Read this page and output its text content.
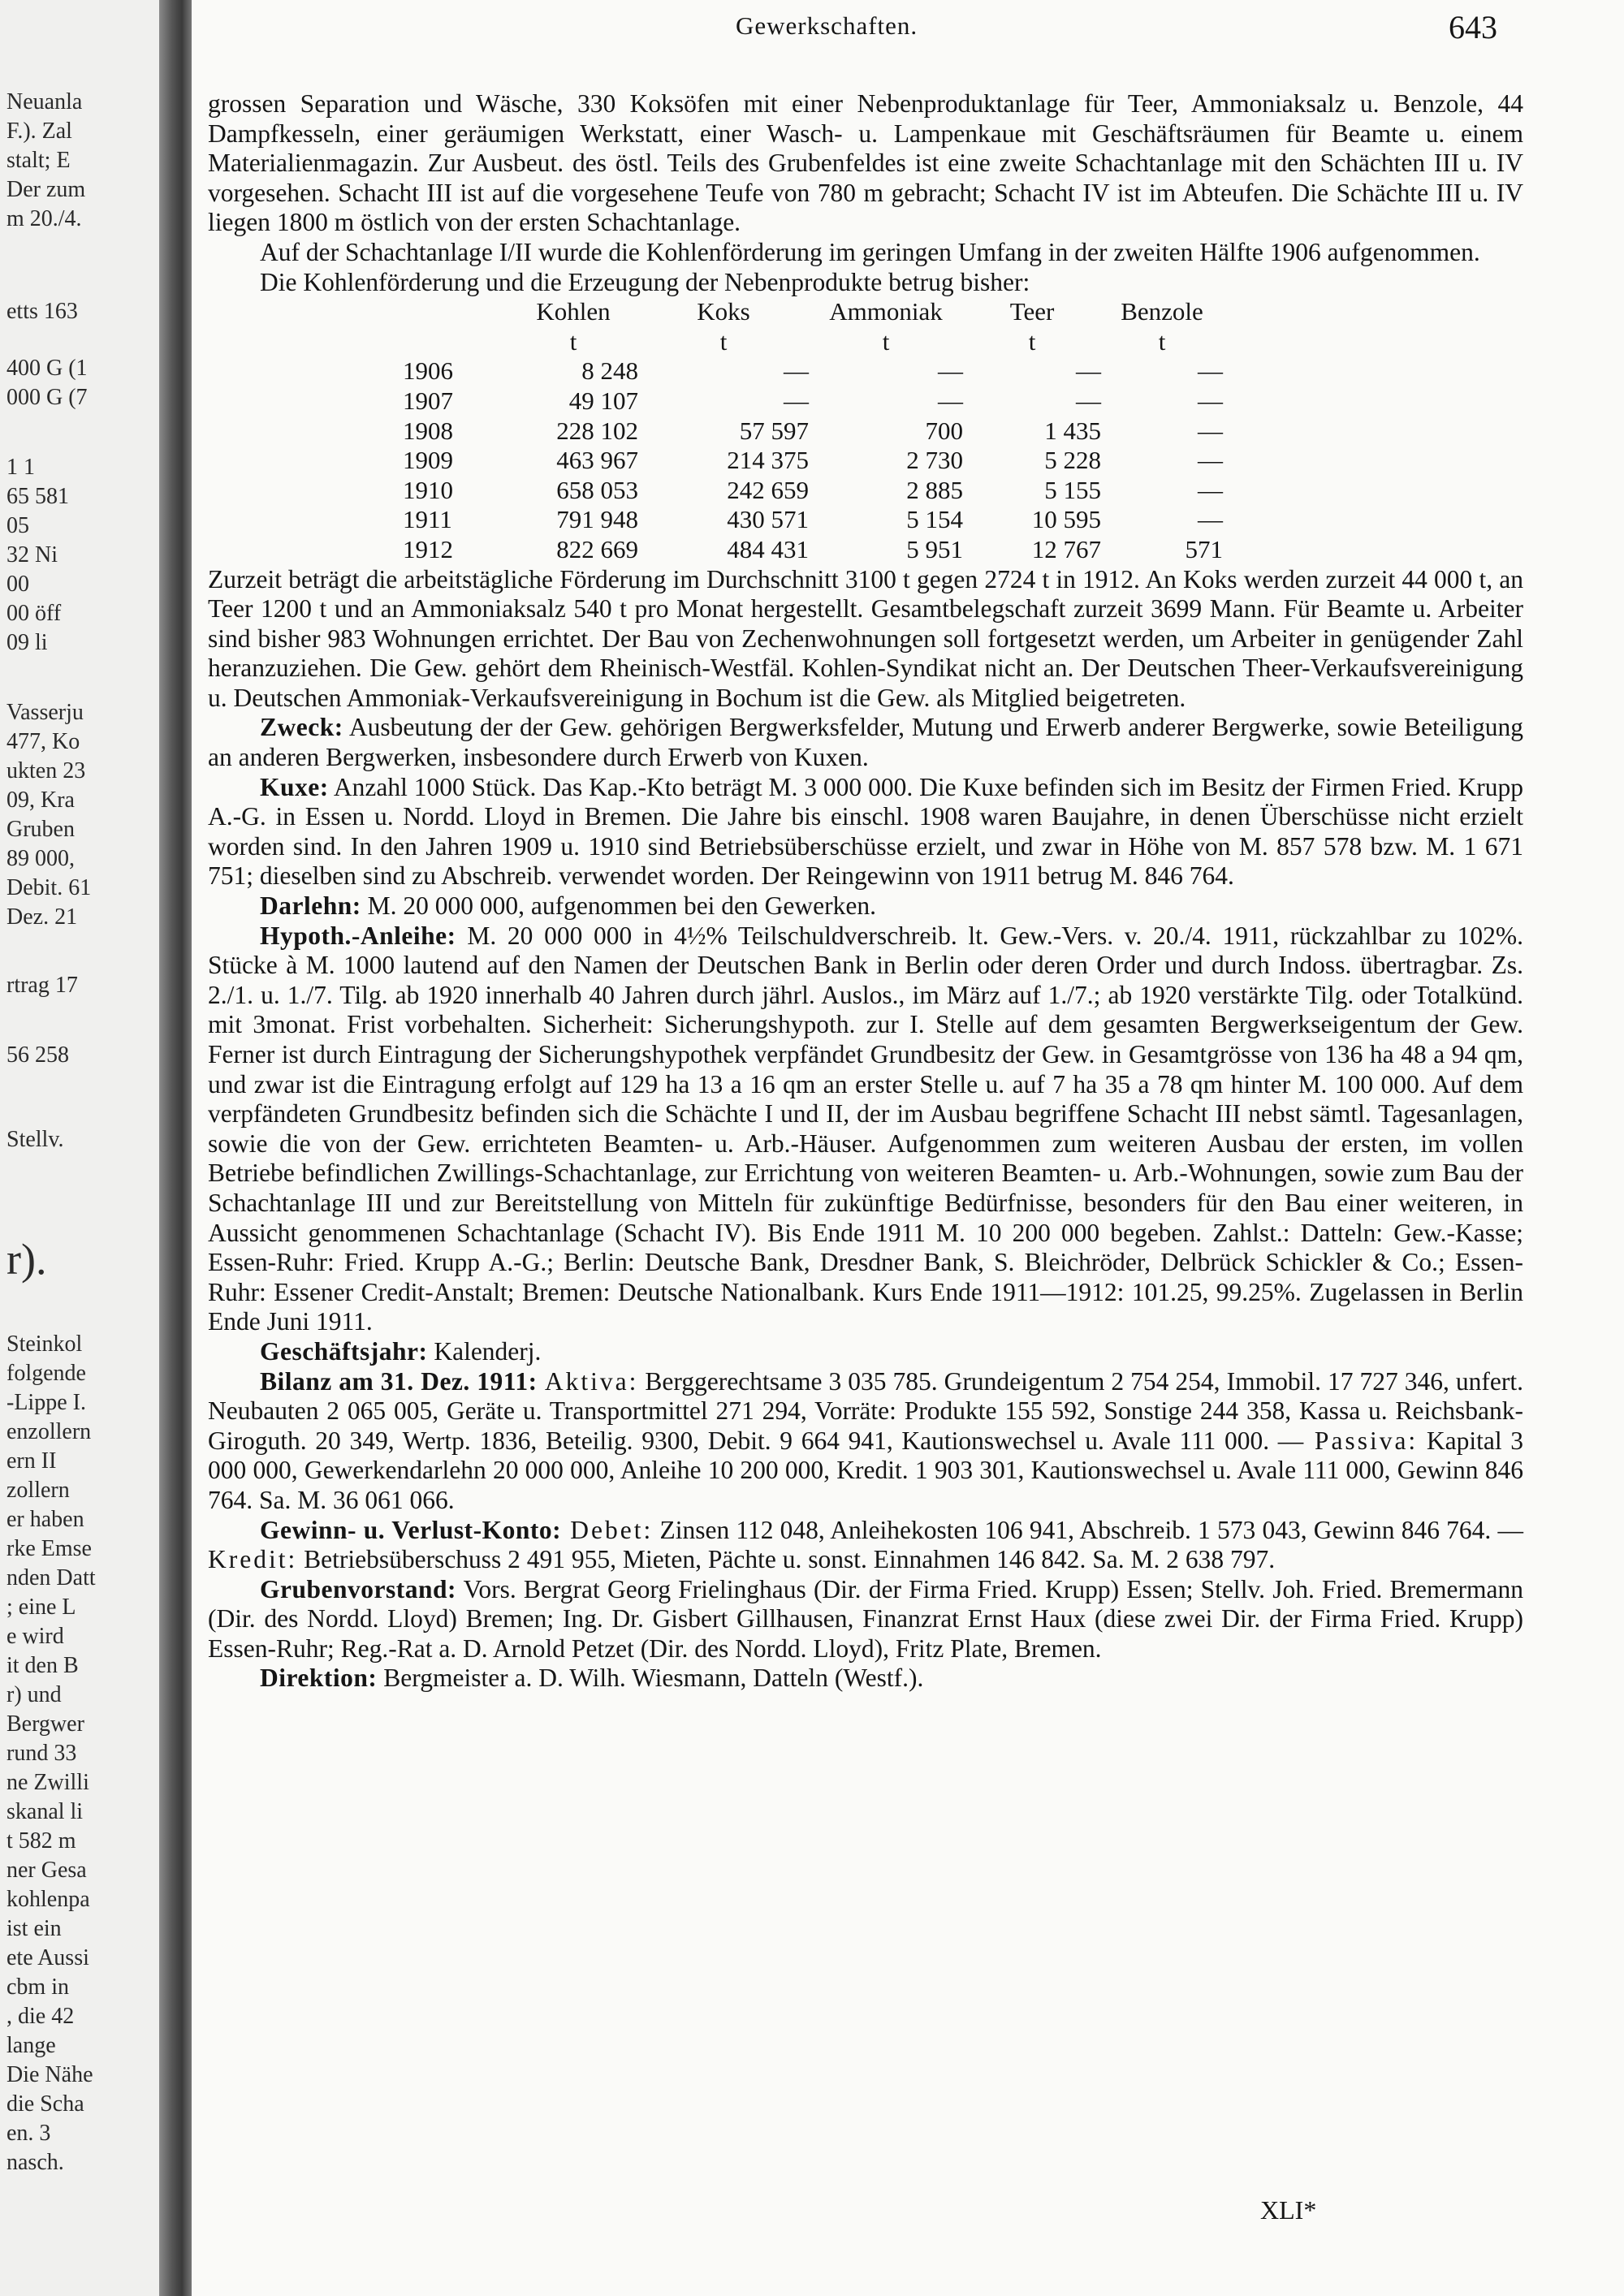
Neuanla
F.). Zal
stalt; E
Der zum
m 20./4.
etts 163
400 G (1
000 G (7
1 1
65 581
05
32 Ni
00
00 öff
09 li
Vasserju
477, Ko
ukten 23
09, Kra
Gruben
89 000,
Debit. 61
Dez. 21
rtrag 17
56 258
Stellv.
r).
Steinkol
folgende
-Lippe I.
enzollern
ern II
zollern
er haben
rke Emse
nden Datt
; eine L
e wird
it den B
r) und
Bergwer
rund 33
ne Zwilli
skanal li
t 582 m
ner Gesa
kohlenpa
ist ein
ete Aussi
cbm in
, die 42
lange
Die Nähe
die Scha
en. 3
nasch.
Gewerkschaften.	643

grossen Separation und Wäsche, 330 Koksöfen mit einer Nebenproduktanlage für Teer, Ammoniaksalz u. Benzole, 44 Dampfkesseln, einer geräumigen Werkstatt, einer Wasch- u. Lampenkaue mit Geschäftsräumen für Beamte u. einem Materialienmagazin. Zur Ausbeut. des östl. Teils des Grubenfeldes ist eine zweite Schachtanlage mit den Schächten III u. IV vorgesehen. Schacht III ist auf die vorgesehene Teufe von 780 m gebracht; Schacht IV ist im Abteufen. Die Schächte III u. IV liegen 1800 m östlich von der ersten Schachtanlage.

Auf der Schachtanlage I/II wurde die Kohlenförderung im geringen Umfang in der zweiten Hälfte 1906 aufgenommen.

Die Kohlenförderung und die Erzeugung der Nebenprodukte betrug bisher:

	Kohlen	Koks	Ammoniak	Teer	Benzole
	t	t	t	t	t
1906	8 248	—	—	—	—
1907	49 107	—	—	—	—
1908	228 102	57 597	700	1 435	—
1909	463 967	214 375	2 730	5 228	—
1910	658 053	242 659	2 885	5 155	—
1911	791 948	430 571	5 154	10 595	—
1912	822 669	484 431	5 951	12 767	571

Zurzeit beträgt die arbeitstägliche Förderung im Durchschnitt 3100 t gegen 2724 t in 1912. An Koks werden zurzeit 44 000 t, an Teer 1200 t und an Ammoniaksalz 540 t pro Monat hergestellt. Gesamtbelegschaft zurzeit 3699 Mann. Für Beamte u. Arbeiter sind bisher 983 Wohnungen errichtet. Der Bau von Zechenwohnungen soll fortgesetzt werden, um Arbeiter in genügender Zahl heranzuziehen. Die Gew. gehört dem Rheinisch-Westfäl. Kohlen-Syndikat nicht an. Der Deutschen Theer-Verkaufsvereinigung u. Deutschen Ammoniak-Verkaufsvereinigung in Bochum ist die Gew. als Mitglied beigetreten.

Zweck: Ausbeutung der der Gew. gehörigen Bergwerksfelder, Mutung und Erwerb anderer Bergwerke, sowie Beteiligung an anderen Bergwerken, insbesondere durch Erwerb von Kuxen.

Kuxe: Anzahl 1000 Stück. Das Kap.-Kto beträgt M. 3 000 000. Die Kuxe befinden sich im Besitz der Firmen Fried. Krupp A.-G. in Essen u. Nordd. Lloyd in Bremen. Die Jahre bis einschl. 1908 waren Baujahre, in denen Überschüsse nicht erzielt worden sind. In den Jahren 1909 u. 1910 sind Betriebsüberschüsse erzielt, und zwar in Höhe von M. 857 578 bzw. M. 1 671 751; dieselben sind zu Abschreib. verwendet worden. Der Reingewinn von 1911 betrug M. 846 764.

Darlehn: M. 20 000 000, aufgenommen bei den Gewerken.

Hypoth.-Anleihe: M. 20 000 000 in 4½% Teilschuldverschreib. lt. Gew.-Vers. v. 20./4. 1911, rückzahlbar zu 102%. Stücke à M. 1000 lautend auf den Namen der Deutschen Bank in Berlin oder deren Order und durch Indoss. übertragbar. Zs. 2./1. u. 1./7. Tilg. ab 1920 innerhalb 40 Jahren durch jährl. Auslos., im März auf 1./7.; ab 1920 verstärkte Tilg. oder Totalkünd. mit 3monat. Frist vorbehalten. Sicherheit: Sicherungshypoth. zur I. Stelle auf dem gesamten Bergwerkseigentum der Gew. Ferner ist durch Eintragung der Sicherungshypothek verpfändet Grundbesitz der Gew. in Gesamtgrösse von 136 ha 48 a 94 qm, und zwar ist die Eintragung erfolgt auf 129 ha 13 a 16 qm an erster Stelle u. auf 7 ha 35 a 78 qm hinter M. 100 000. Auf dem verpfändeten Grundbesitz befinden sich die Schächte I und II, der im Ausbau begriffene Schacht III nebst sämtl. Tagesanlagen, sowie die von der Gew. errichteten Beamten- u. Arb.-Häuser. Aufgenommen zum weiteren Ausbau der ersten, im vollen Betriebe befindlichen Zwillings-Schachtanlage, zur Errichtung von weiteren Beamten- u. Arb.-Wohnungen, sowie zum Bau der Schachtanlage III und zur Bereitstellung von Mitteln für zukünftige Bedürfnisse, besonders für den Bau einer weiteren, in Aussicht genommenen Schachtanlage (Schacht IV). Bis Ende 1911 M. 10 200 000 begeben. Zahlst.: Datteln: Gew.-Kasse; Essen-Ruhr: Fried. Krupp A.-G.; Berlin: Deutsche Bank, Dresdner Bank, S. Bleichröder, Delbrück Schickler & Co.; Essen-Ruhr: Essener Credit-Anstalt; Bremen: Deutsche Nationalbank. Kurs Ende 1911—1912: 101.25, 99.25%. Zugelassen in Berlin Ende Juni 1911.

Geschäftsjahr: Kalenderj.

Bilanz am 31. Dez. 1911: Aktiva: Berggerechtsame 3 035 785. Grundeigentum 2 754 254, Immobil. 17 727 346, unfert. Neubauten 2 065 005, Geräte u. Transportmittel 271 294, Vorräte: Produkte 155 592, Sonstige 244 358, Kassa u. Reichsbank-Giroguth. 20 349, Wertp. 1836, Beteilig. 9300, Debit. 9 664 941, Kautionswechsel u. Avale 111 000. — Passiva: Kapital 3 000 000, Gewerkendarlehn 20 000 000, Anleihe 10 200 000, Kredit. 1 903 301, Kautionswechsel u. Avale 111 000, Gewinn 846 764. Sa. M. 36 061 066.

Gewinn- u. Verlust-Konto: Debet: Zinsen 112 048, Anleihekosten 106 941, Abschreib. 1 573 043, Gewinn 846 764. — Kredit: Betriebsüberschuss 2 491 955, Mieten, Pächte u. sonst. Einnahmen 146 842. Sa. M. 2 638 797.

Grubenvorstand: Vors. Bergrat Georg Frielinghaus (Dir. der Firma Fried. Krupp) Essen; Stellv. Joh. Fried. Bremermann (Dir. des Nordd. Lloyd) Bremen; Ing. Dr. Gisbert Gillhausen, Finanzrat Ernst Haux (diese zwei Dir. der Firma Fried. Krupp) Essen-Ruhr; Reg.-Rat a. D. Arnold Petzet (Dir. des Nordd. Lloyd), Fritz Plate, Bremen.

Direktion: Bergmeister a. D. Wilh. Wiesmann, Datteln (Westf.).

XLI*
